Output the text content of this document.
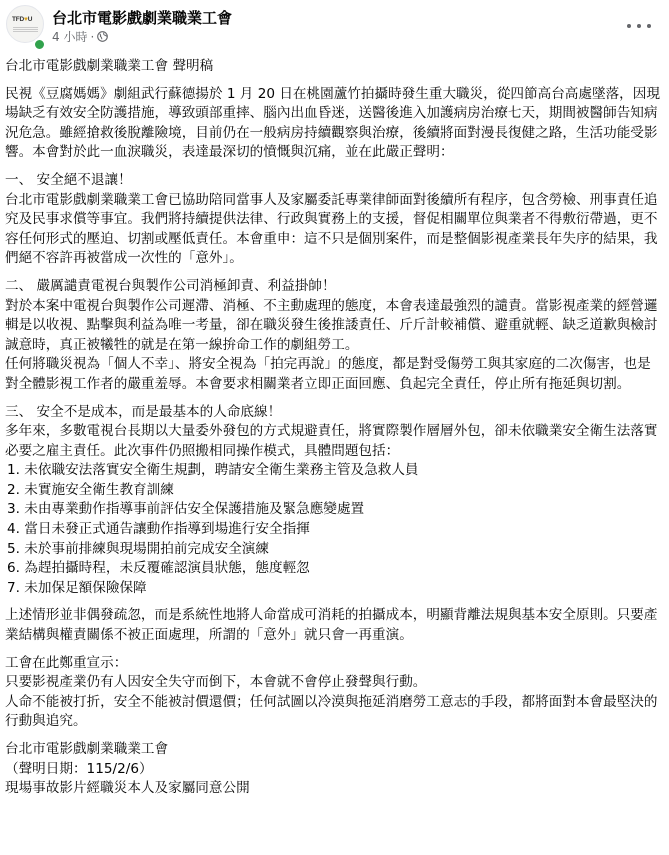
TFD♥U 台北市電影戲劇業職業工會
4 小時 ·

台北市電影戲劇業職業工會 聲明稿

民視《豆腐媽媽》劇組武行蘇德揚於 1 月 20 日在桃園蘆竹拍攝時發生重大職災，從四節高台高處墜落，因現場缺乏有效安全防護措施，導致頭部重摔、腦內出血昏迷，送醫後進入加護病房治療七天，期間被醫師告知病況危急。雖經搶救後脫離險境，目前仍在一般病房持續觀察與治療，後續將面對漫長復健之路，生活功能受影響。本會對於此一血淚職災，表達最深切的憤慨與沉痛，並在此嚴正聲明：

一、 安全絕不退讓！
台北市電影戲劇業職業工會已協助陪同當事人及家屬委託專業律師面對後續所有程序，包含勞檢、刑事責任追究及民事求償等事宜。我們將持續提供法律、行政與實務上的支援，督促相關單位與業者不得敷衍帶過，更不容任何形式的壓迫、切割或壓低責任。本會重申：這不只是個別案件，而是整個影視產業長年失序的結果，我們絕不容許再被當成一次性的「意外」。

二、 嚴厲譴責電視台與製作公司消極卸責、利益掛帥！
對於本案中電視台與製作公司遲滯、消極、不主動處理的態度，本會表達最強烈的譴責。當影視產業的經營邏輯是以收視、點擊與利益為唯一考量，卻在職災發生後推諉責任、斤斤計較補償、避重就輕、缺乏道歉與檢討誠意時，真正被犧牲的就是在第一線拚命工作的劇組勞工。
任何將職災視為「個人不幸」、將安全視為「拍完再說」的態度，都是對受傷勞工與其家庭的二次傷害，也是對全體影視工作者的嚴重羞辱。本會要求相關業者立即正面回應、負起完全責任，停止所有拖延與切割。

三、 安全不是成本，而是最基本的人命底線！
多年來，多數電視台長期以大量委外發包的方式規避責任，將實際製作層層外包，卻未依職業安全衛生法落實必要之雇主責任。此次事件仍照搬相同操作模式，具體問題包括：
1. 未依職安法落實安全衛生規劃，聘請安全衛生業務主管及急救人員
2. 未實施安全衛生教育訓練
3. 未由專業動作指導事前評估安全保護措施及緊急應變處置
4. 當日未發正式通告讓動作指導到場進行安全指揮
5. 未於事前排練與現場開拍前完成安全演練
6. 為趕拍攝時程，未反覆確認演員狀態，態度輕忽
7. 未加保足額保險保障

上述情形並非偶發疏忽，而是系統性地將人命當成可消耗的拍攝成本，明顯背離法規與基本安全原則。只要產業結構與權責關係不被正面處理，所謂的「意外」就只會一再重演。

工會在此鄭重宣示：
只要影視產業仍有人因安全失守而倒下，本會就不會停止發聲與行動。
人命不能被打折，安全不能被討價還價；任何試圖以冷漠與拖延消磨勞工意志的手段，都將面對本會最堅決的行動與追究。

台北市電影戲劇業職業工會
（聲明日期：115/2/6）
現場事故影片經職災本人及家屬同意公開
